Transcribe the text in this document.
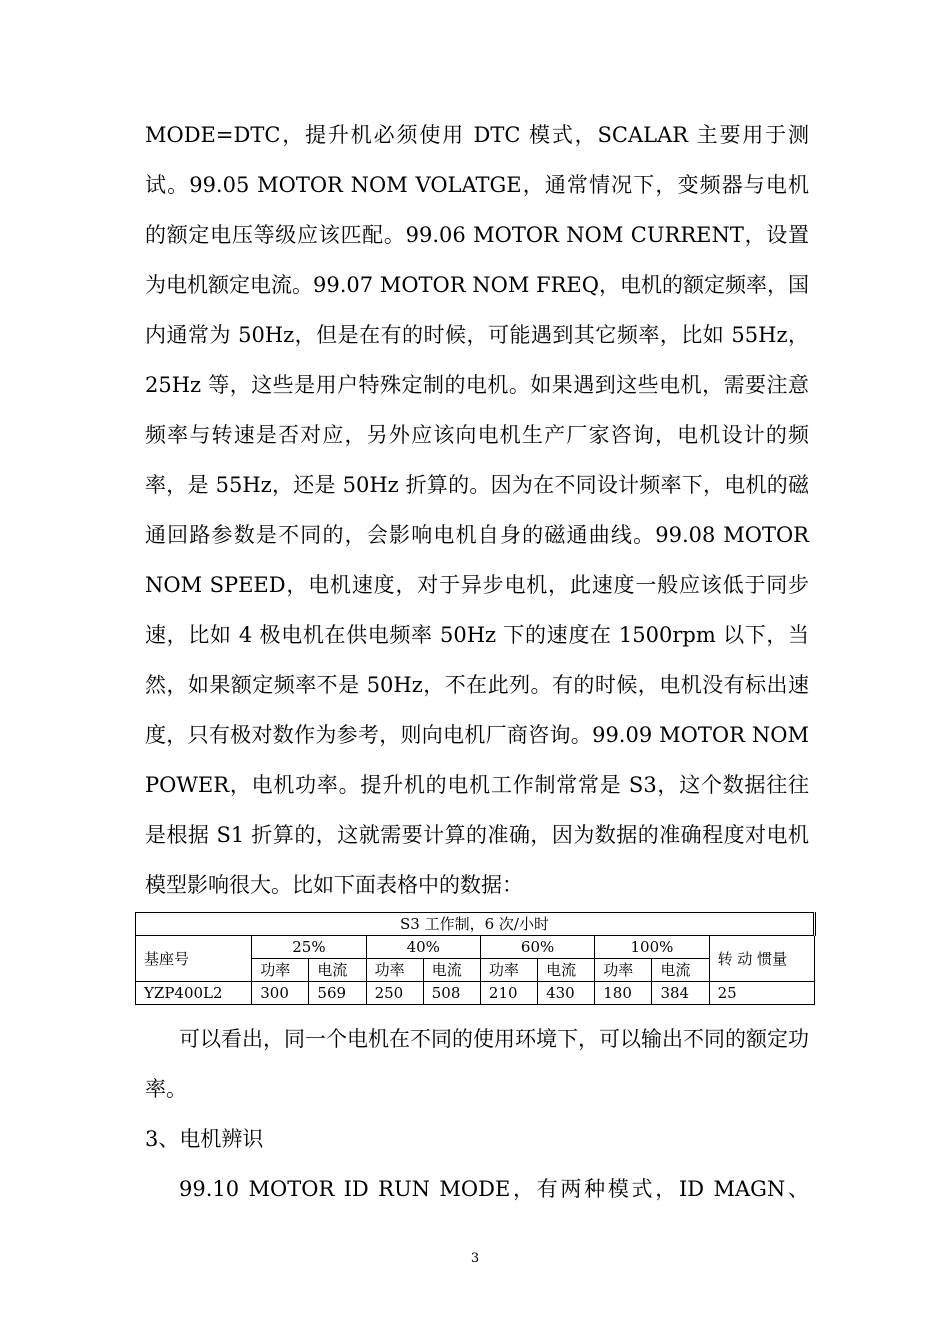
MODE=DTC，提升机必须使用 DTC 模式，SCALAR 主要用于测试。99.05 MOTOR NOM VOLATGE，通常情况下，变频器与电机的额定电压等级应该匹配。99.06 MOTOR NOM CURRENT，设置为电机额定电流。99.07 MOTOR NOM FREQ，电机的额定频率，国内通常为 50Hz，但是在有的时候，可能遇到其它频率，比如 55Hz，25Hz 等，这些是用户特殊定制的电机。如果遇到这些电机，需要注意频率与转速是否对应，另外应该向电机生产厂家咨询，电机设计的频率，是 55Hz，还是 50Hz 折算的。因为在不同设计频率下，电机的磁通回路参数是不同的，会影响电机自身的磁通曲线。99.08 MOTOR NOM SPEED，电机速度，对于异步电机，此速度一般应该低于同步速，比如 4 极电机在供电频率 50Hz 下的速度在 1500rpm 以下，当然，如果额定频率不是 50Hz，不在此列。有的时候，电机没有标出速度，只有极对数作为参考，则向电机厂商咨询。99.09 MOTOR NOM POWER，电机功率。提升机的电机工作制常常是 S3，这个数据往往是根据 S1 折算的，这就需要计算的准确，因为数据的准确程度对电机模型影响很大。比如下面表格中的数据：
S3 工作制，6 次/小时									
基座号	25%		40%		60%		100%		转 动 惯量
	功率	电流	功率	电流	功率	电流	功率	电流	
YZP400L2	300	569	250	508	210	430	180	384	25
可以看出，同一个电机在不同的使用环境下，可以输出不同的额定功率。
3、电机辨识
99.10 MOTOR ID RUN MODE，有两种模式，ID MAGN、
3
